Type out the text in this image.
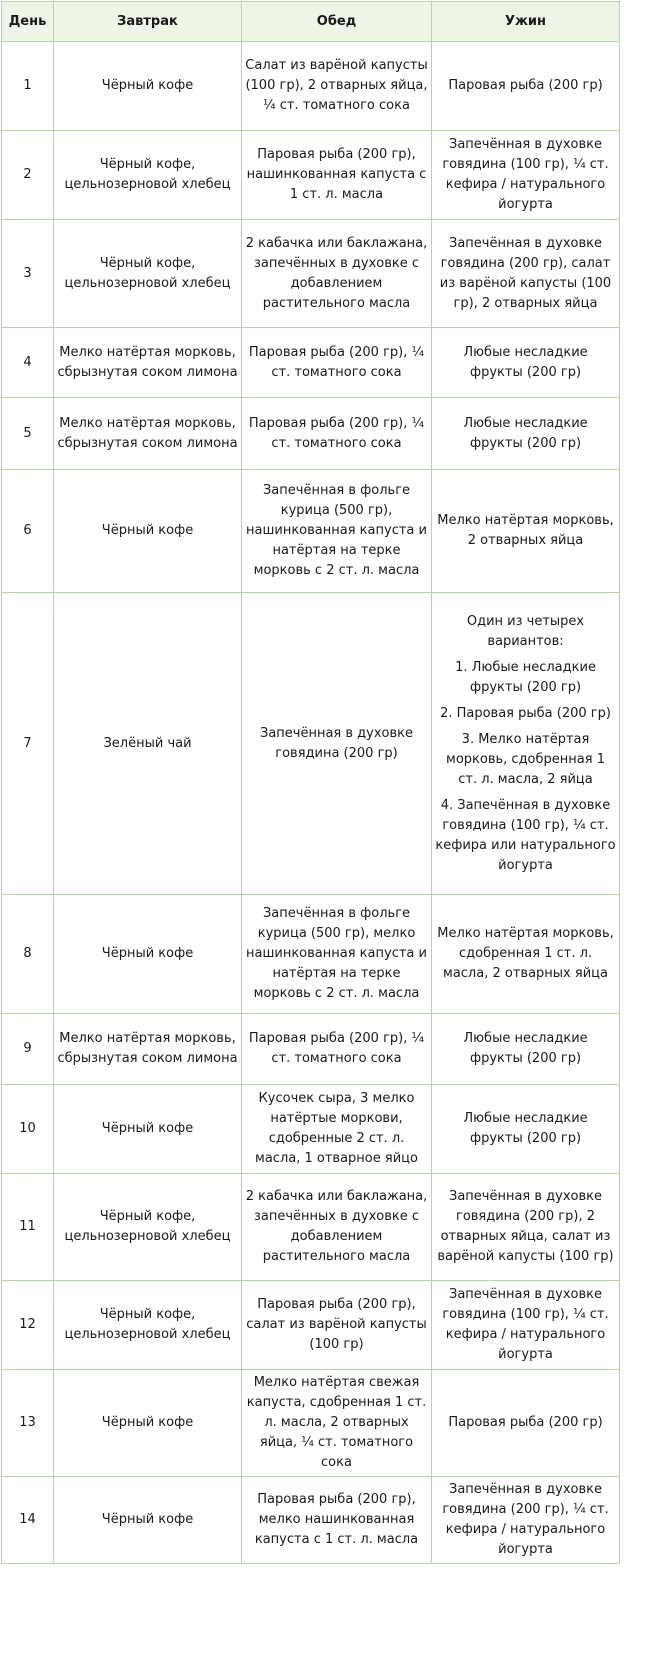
День	Завтрак	Обед	Ужин
1	Чёрный кофе	Салат из варёной капусты (100 гр), 2 отварных яйца, ¼ ст. томатного сока	Паровая рыба (200 гр)
2	Чёрный кофе, цельнозерновой хлебец	Паровая рыба (200 гр), нашинкованная капуста с 1 ст. л. масла	Запечённая в духовке говядина (100 гр), ¼ ст. кефира / натурального йогурта
3	Чёрный кофе, цельнозерновой хлебец	2 кабачка или баклажана, запечённых в духовке с добавлением растительного масла	Запечённая в духовке говядина (200 гр), салат из варёной капусты (100 гр), 2 отварных яйца
4	Мелко натёртая морковь, сбрызнутая соком лимона	Паровая рыба (200 гр), ¼ ст. томатного сока	Любые несладкие фрукты (200 гр)
5	Мелко натёртая морковь, сбрызнутая соком лимона	Паровая рыба (200 гр), ¼ ст. томатного сока	Любые несладкие фрукты (200 гр)
6	Чёрный кофе	Запечённая в фольге курица (500 гр), нашинкованная капуста и натёртая на терке морковь с 2 ст. л. масла	Мелко натёртая морковь, 2 отварных яйца
7	Зелёный чай	Запечённая в духовке говядина (200 гр)	Один из четырех вариантов:
1. Любые несладкие фрукты (200 гр)
2. Паровая рыба (200 гр)
3. Мелко натёртая морковь, сдобренная 1 ст. л. масла, 2 яйца
4. Запечённая в духовке говядина (100 гр), ¼ ст. кефира или натурального йогурта

8	Чёрный кофе	Запечённая в фольге курица (500 гр), мелко нашинкованная капуста и натёртая на терке морковь с 2 ст. л. масла	Мелко натёртая морковь, сдобренная 1 ст. л. масла, 2 отварных яйца
9	Мелко натёртая морковь, сбрызнутая соком лимона	Паровая рыба (200 гр), ¼ ст. томатного сока	Любые несладкие фрукты (200 гр)
10	Чёрный кофе	Кусочек сыра, 3 мелко натёртые моркови, сдобренные 2 ст. л. масла, 1 отварное яйцо	Любые несладкие фрукты (200 гр)
11	Чёрный кофе, цельнозерновой хлебец	2 кабачка или баклажана, запечённых в духовке с добавлением растительного масла	Запечённая в духовке говядина (200 гр), 2 отварных яйца, салат из варёной капусты (100 гр)
12	Чёрный кофе, цельнозерновой хлебец	Паровая рыба (200 гр), салат из варёной капусты (100 гр)	Запечённая в духовке говядина (100 гр), ¼ ст. кефира / натурального йогурта
13	Чёрный кофе	Мелко натёртая свежая капуста, сдобренная 1 ст. л. масла, 2 отварных яйца, ¼ ст. томатного сока	Паровая рыба (200 гр)
14	Чёрный кофе	Паровая рыба (200 гр), мелко нашинкованная капуста с 1 ст. л. масла	Запечённая в духовке говядина (200 гр), ¼ ст. кефира / натурального йогурта
